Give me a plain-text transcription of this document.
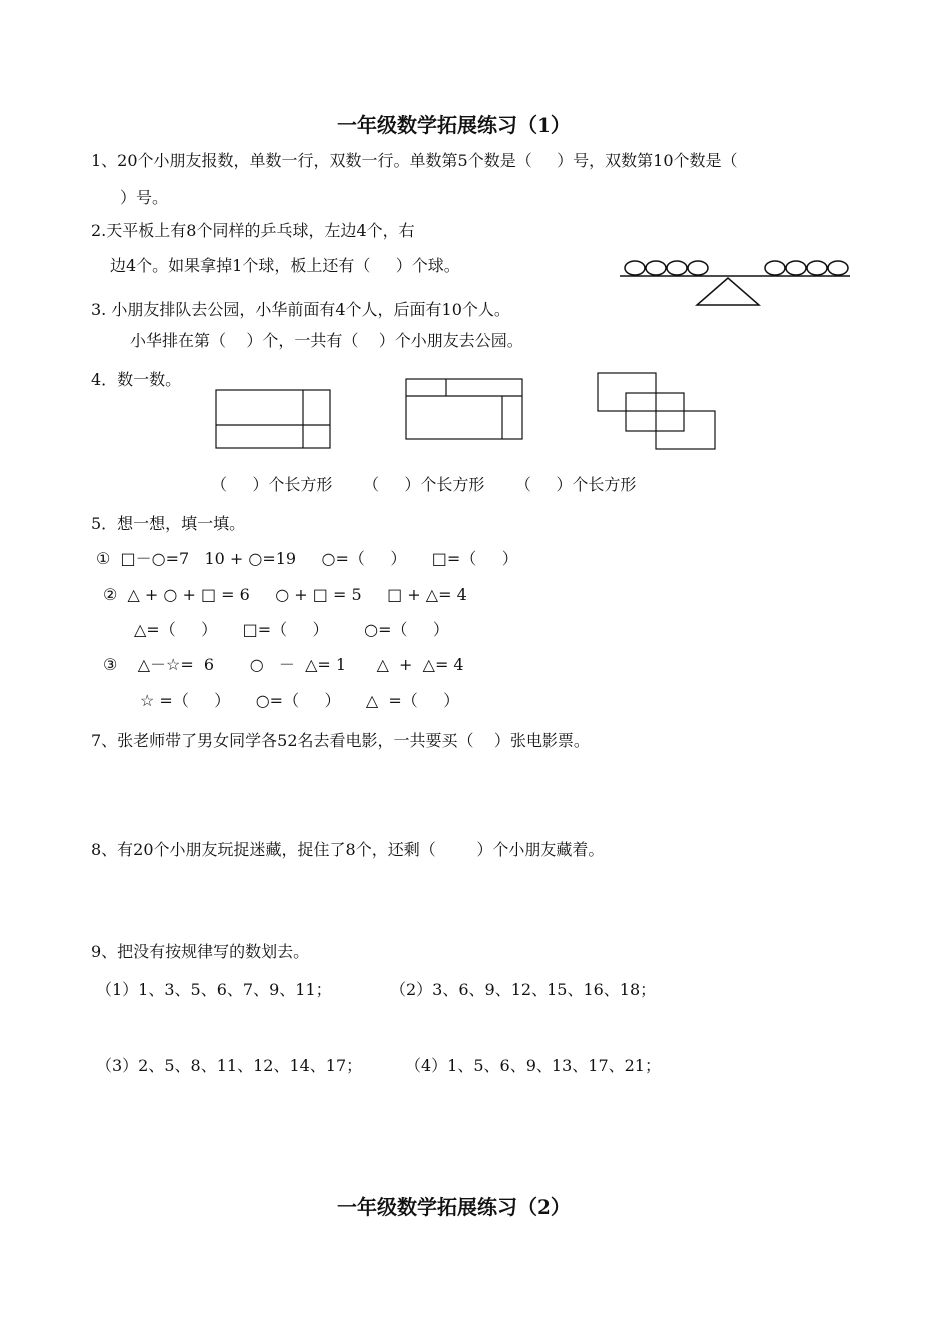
一年级数学拓展练习（1）
1、20个小朋友报数，单数一行，双数一行。单数第5个数是（     ）号，双数第10个数是（
）号。
2.天平板上有8个同样的乒乓球，左边4个，右
边4个。如果拿掉1个球，板上还有（     ）个球。
3. 小朋友排队去公园，小华前面有4个人，后面有10个人。
小华排在第（    ）个，一共有（    ）个小朋友去公园。
4．数一数。
（     ）个长方形      （     ）个长方形      （     ）个长方形
5．想一想，填一填。
①  □－○=7   10 + ○=19     ○=（     ）     □=（     ）
②  △ + ○ + □ = 6     ○ + □ = 5     □ + △= 4
△=（     ）     □=（     ）       ○=（     ）
③    △－☆=  6       ○   －  △= 1      △  +  △= 4
☆ =（     ）     ○=（     ）     △  =（     ）
7、张老师带了男女同学各52名去看电影，一共要买（    ）张电影票。
8、有20个小朋友玩捉迷藏，捉住了8个，还剩（        ）个小朋友藏着。
9、把没有按规律写的数划去。
（1）1、3、5、6、7、9、11；	（2）3、6、9、12、15、16、18；
（3）2、5、8、11、12、14、17；	（4）1、5、6、9、13、17、21；
一年级数学拓展练习（2）
